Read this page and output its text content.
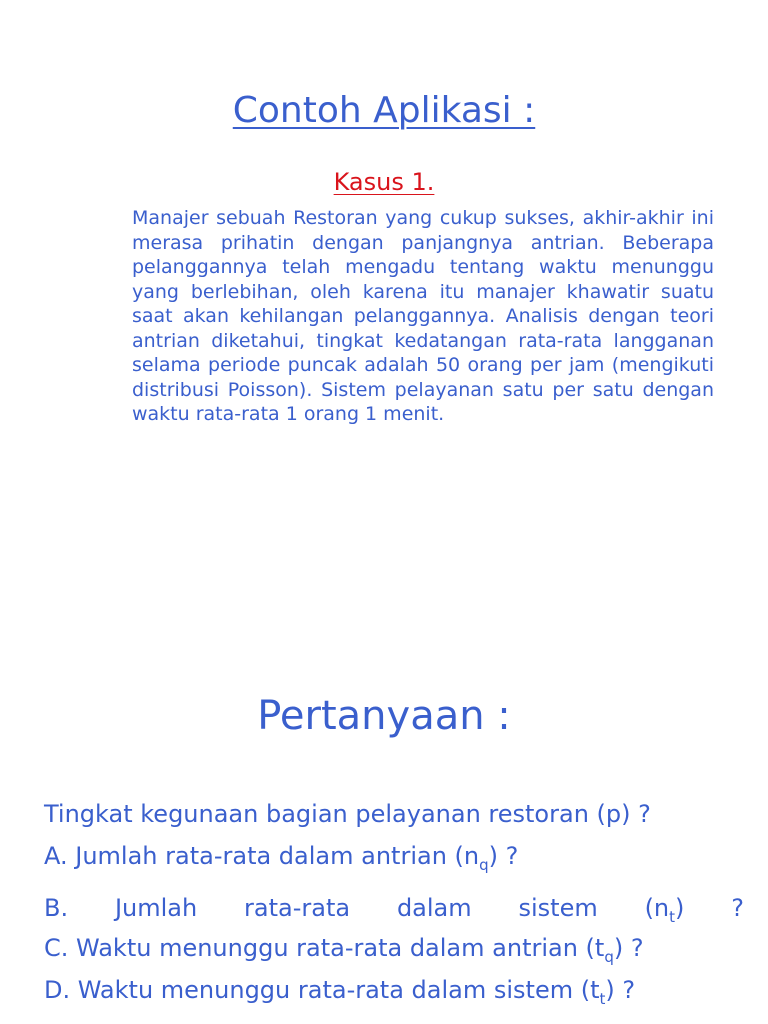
Contoh Aplikasi :
Kasus 1.

Manajer sebuah Restoran yang cukup sukses, akhir-akhir ini merasa prihatin dengan panjangnya antrian. Beberapa pelanggannya telah mengadu tentang waktu menunggu yang berlebihan, oleh karena itu manajer khawatir suatu saat akan kehilangan pelanggannya. Analisis dengan teori antrian diketahui, tingkat kedatangan rata-rata langganan selama periode puncak adalah 50 orang per jam (mengikuti distribusi Poisson). Sistem pelayanan satu per satu dengan waktu rata-rata 1 orang 1 menit.

Pertanyaan :
Tingkat kegunaan bagian pelayanan restoran (p) ?
A. Jumlah rata-rata dalam antrian $(n_q)$ ?
B. Jumlah rata-rata dalam sistem $(n_t)$ ?
C. Waktu menunggu rata-rata dalam antrian $(t_q)$ ?
D. Waktu menunggu rata-rata dalam sistem $(t_t)$ ?
